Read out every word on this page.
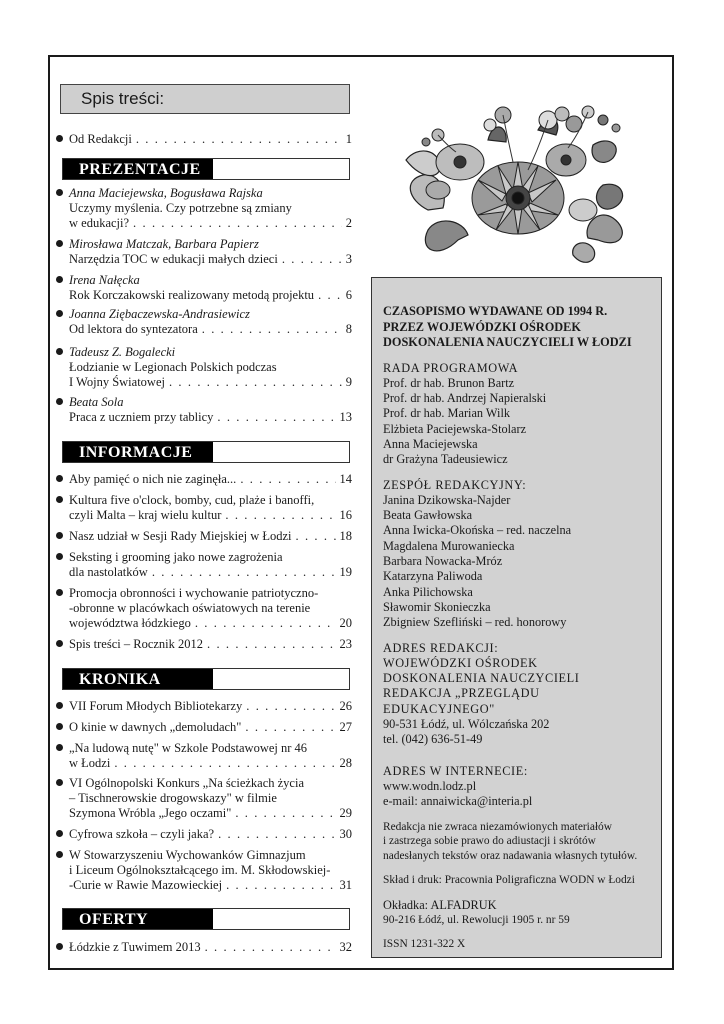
Spis treści:
Od Redakcji . . .	1
PREZENTACJE
Anna Maciejewska, Bogusława Rajska
Uczymy myślenia. Czy potrzebne są zmiany
w edukacji? . . .	2
Mirosława Matczak, Barbara Papierz
Narzędzia TOC w edukacji małych dzieci . . .	3
Irena Nałęcka
Rok Korczakowski realizowany metodą projektu . . .	6
Joanna Ziębaczewska-Andrasiewicz
Od lektora do syntezatora . . .	8
Tadeusz Z. Bogalecki
Łodzianie w Legionach Polskich podczas
I Wojny Światowej . . .	9
Beata Sola
Praca z uczniem przy tablicy . . .	13
INFORMACJE
Aby pamięć o nich nie zaginęła... . . .	14
Kultura five o'clock, bomby, cud, plaże i banoffi,
czyli Malta – kraj wielu kultur . . .	16
Nasz udział w Sesji Rady Miejskiej w Łodzi . . .	18
Seksting i grooming jako nowe zagrożenia
dla nastolatków . . .	19
Promocja obronności i wychowanie patriotyczno-
-obronne w placówkach oświatowych na terenie
województwa łódzkiego . . .	20
Spis treści – Rocznik 2012 . . .	23
KRONIKA
VII Forum Młodych Bibliotekarzy . . .	26
O kinie w dawnych „demoludach" . . .	27
„Na ludową nutę" w Szkole Podstawowej nr 46
w Łodzi . . .	28
VI Ogólnopolski Konkurs „Na ścieżkach życia
– Tischnerowskie drogowskazy" w filmie
Szymona Wróbla „Jego oczami" . . .	29
Cyfrowa szkoła – czyli jaka? . . .	30
W Stowarzyszeniu Wychowanków Gimnazjum
i Liceum Ogólnokształcącego im. M. Skłodowskiej-
-Curie w Rawie Mazowieckiej . . .	31
OFERTY
Łódzkie z Tuwimem 2013 . . .	32
CZASOPISMO WYDAWANE OD 1994 R.
PRZEZ WOJEWÓDZKI OŚRODEK
DOSKONALENIA NAUCZYCIELI W ŁODZI

RADA PROGRAMOWA

Prof. dr hab. Brunon Bartz

Prof. dr hab. Andrzej Napieralski

Prof. dr hab. Marian Wilk

Elżbieta Paciejewska-Stolarz

Anna Maciejewska

dr Grażyna Tadeusiewicz

ZESPÓŁ REDAKCYJNY:

Janina Dzikowska-Najder

Beata Gawłowska

Anna Iwicka-Okońska – red. naczelna

Magdalena Murowaniecka

Barbara Nowacka-Mróz

Katarzyna Paliwoda

Anka Pilichowska

Sławomir Skonieczka

Zbigniew Szefliński – red. honorowy

ADRES REDAKCJI:

WOJEWÓDZKI OŚRODEK

DOSKONALENIA NAUCZYCIELI

REDAKCJA „PRZEGLĄDU EDUKACYJNEGO"

90-531 Łódź, ul. Wólczańska 202

tel. (042) 636-51-49

ADRES W INTERNECIE:

www.wodn.lodz.pl

e-mail: annaiwicka@interia.pl

Redakcja nie zwraca niezamówionych materiałów

i zastrzega sobie prawo do adiustacji i skrótów

nadesłanych tekstów oraz nadawania własnych tytułów.

Skład i druk: Pracownia Poligraficzna WODN w Łodzi

Okładka: ALFADRUK

90-216 Łódź, ul. Rewolucji 1905 r. nr 59

ISSN 1231-322 X
